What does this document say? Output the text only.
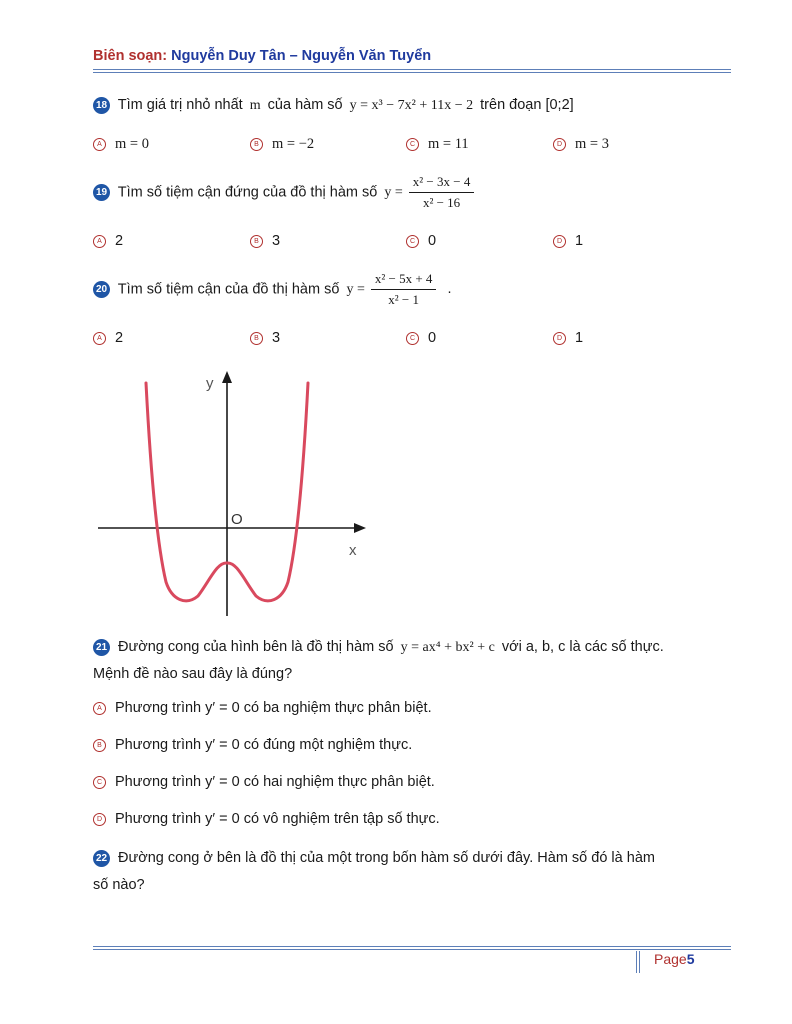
Biên soạn: Nguyễn Duy Tân – Nguyễn Văn Tuyển
18 Tìm giá trị nhỏ nhất m của hàm số y = x³ − 7x² + 11x − 2 trên đoạn [0;2]
A m = 0	B m = −2	C m = 11	D m = 3
19 Tìm số tiệm cận đứng của đồ thị hàm số $y = \frac{\text{x² − 3x − 4}}{\text{x² − 16}}$
A 2	B 3	C 0	D 1
20 Tìm số tiệm cận của đồ thị hàm số $y = \frac{\text{x² − 5x + 4}}{\text{x² − 1}}$ .
A 2	B 3	C 0	D 1
y
x
O
21 Đường cong của hình bên là đồ thị hàm số y = ax⁴ + bx² + c với a, b, c là các số thực.
Mệnh đề nào sau đây là đúng?
A Phương trình y′ = 0 có ba nghiệm thực phân biệt.
B Phương trình y′ = 0 có đúng một nghiệm thực.
C Phương trình y′ = 0 có hai nghiệm thực phân biệt.
D Phương trình y′ = 0 có vô nghiệm trên tập số thực.
22 Đường cong ở bên là đồ thị của một trong bốn hàm số dưới đây. Hàm số đó là hàm
số nào?
Page5
